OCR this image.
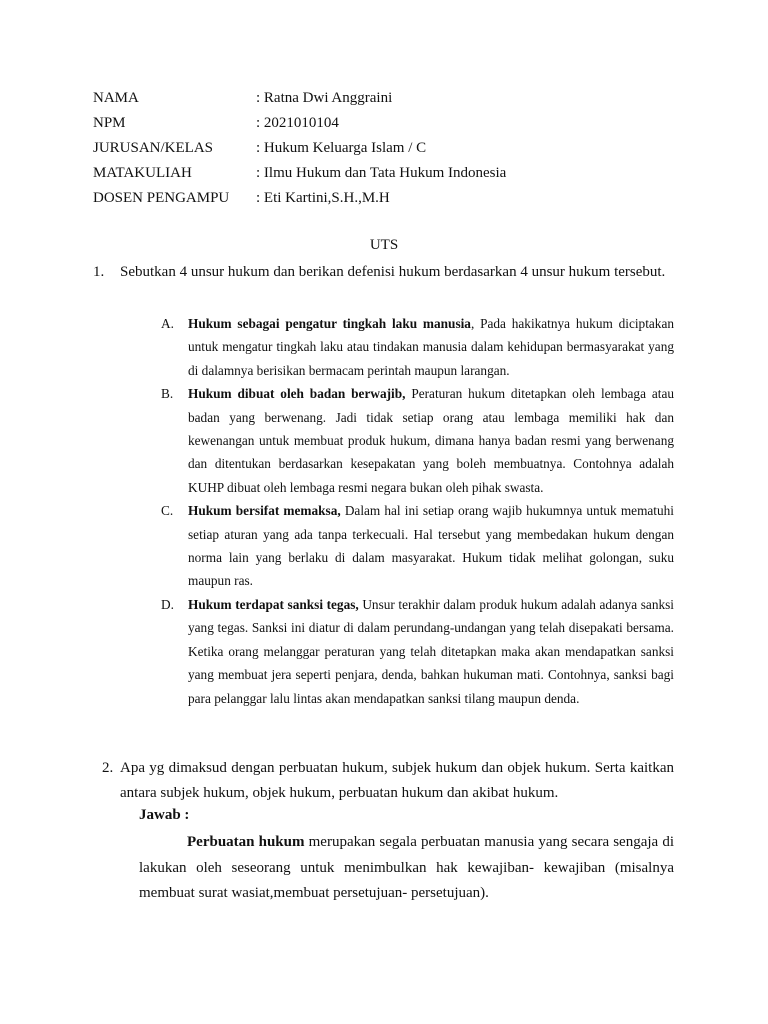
NAMA	: Ratna Dwi Anggraini
NPM	: 2021010104
JURUSAN/KELAS	: Hukum Keluarga Islam / C
MATAKULIAH	: Ilmu Hukum dan Tata Hukum Indonesia
DOSEN PENGAMPU	: Eti Kartini,S.H.,M.H
UTS
1.	Sebutkan 4 unsur hukum dan berikan defenisi hukum berdasarkan 4 unsur hukum tersebut.
A.	Hukum sebagai pengatur tingkah laku manusia, Pada hakikatnya hukum diciptakan untuk mengatur tingkah laku atau tindakan manusia dalam kehidupan bermasyarakat yang di dalamnya berisikan bermacam perintah maupun larangan.
B.	Hukum dibuat oleh badan berwajib, Peraturan hukum ditetapkan oleh lembaga atau badan yang berwenang. Jadi tidak setiap orang atau lembaga memiliki hak dan kewenangan untuk membuat produk hukum, dimana hanya badan resmi yang berwenang dan ditentukan berdasarkan kesepakatan yang boleh membuatnya. Contohnya adalah KUHP dibuat oleh lembaga resmi negara bukan oleh pihak swasta.
C.	Hukum bersifat memaksa, Dalam hal ini setiap orang wajib hukumnya untuk mematuhi setiap aturan yang ada tanpa terkecuali. Hal tersebut yang membedakan hukum dengan norma lain yang berlaku di dalam masyarakat. Hukum tidak melihat golongan, suku maupun ras.
D.	Hukum terdapat sanksi tegas, Unsur terakhir dalam produk hukum adalah adanya sanksi yang tegas. Sanksi ini diatur di dalam perundang-undangan yang telah disepakati bersama. Ketika orang melanggar peraturan yang telah ditetapkan maka akan mendapatkan sanksi yang membuat jera seperti penjara, denda, bahkan hukuman mati. Contohnya, sanksi bagi para pelanggar lalu lintas akan mendapatkan sanksi tilang maupun denda.
2. Apa yg dimaksud dengan perbuatan hukum, subjek hukum dan objek hukum. Serta kaitkan antara subjek hukum, objek hukum, perbuatan hukum dan akibat hukum.
Jawab :
Perbuatan hukum merupakan segala perbuatan manusia yang secara sengaja di lakukan oleh seseorang untuk menimbulkan hak kewajiban- kewajiban (misalnya membuat surat wasiat,membuat persetujuan- persetujuan).
